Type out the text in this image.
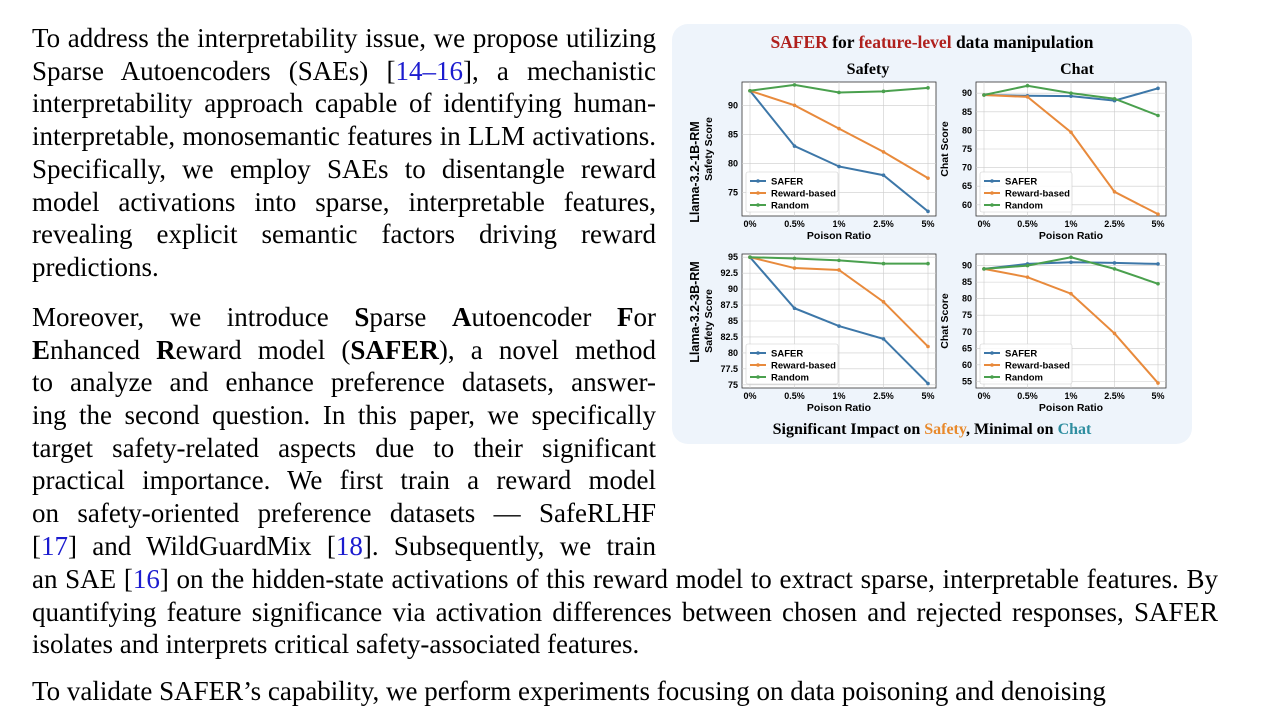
To address the interpretability issue, we propose utilizing Sparse Autoencoders (SAEs) [14–16], a mechanistic interpretability approach capable of identifying human-interpretable, monosemantic features in LLM activations. Specifically, we employ SAEs to disentangle reward model activations into sparse, interpretable features, revealing explicit semantic factors driving reward predictions.

Moreover, we introduce Sparse Autoencoder For
Enhanced Reward model (SAFER), a novel method
to analyze and enhance preference datasets, answer-
ing the second question. In this paper, we specifically
target safety-related aspects due to their significant
practical importance. We first train a reward model
on safety-oriented preference datasets — SafeRLHF
[17] and WildGuardMix [18]. Subsequently, we train

an SAE [16] on the hidden-state activations of this reward model to extract sparse, interpretable features. By quantifying feature significance via activation differences between chosen and rejected responses, SAFER isolates and interprets critical safety-associated features.

To validate SAFER’s capability, we perform experiments focusing on data poisoning and denoising

SAFER for feature-level data manipulation
Safety	Chat
Llama-3.2-1B-RM
Llama-3.2-3B-RM
0%	0.5%	1%	2.5%	5%
75
80
85
90
Poison Ratio
Safety Score
SAFER
Reward-based
Random
0%	0.5%	1%	2.5%	5%
60
65
70
75
80
85
90
Poison Ratio
Chat Score
SAFER
Reward-based
Random
0%	0.5%	1%	2.5%	5%
75
77.5
80
82.5
85
87.5
90
92.5
95
Poison Ratio
Safety Score
SAFER
Reward-based
Random
0%	0.5%	1%	2.5%	5%
55
60
65
70
75
80
85
90
Poison Ratio
Chat Score
SAFER
Reward-based
Random
Significant Impact on Safety, Minimal on Chat
